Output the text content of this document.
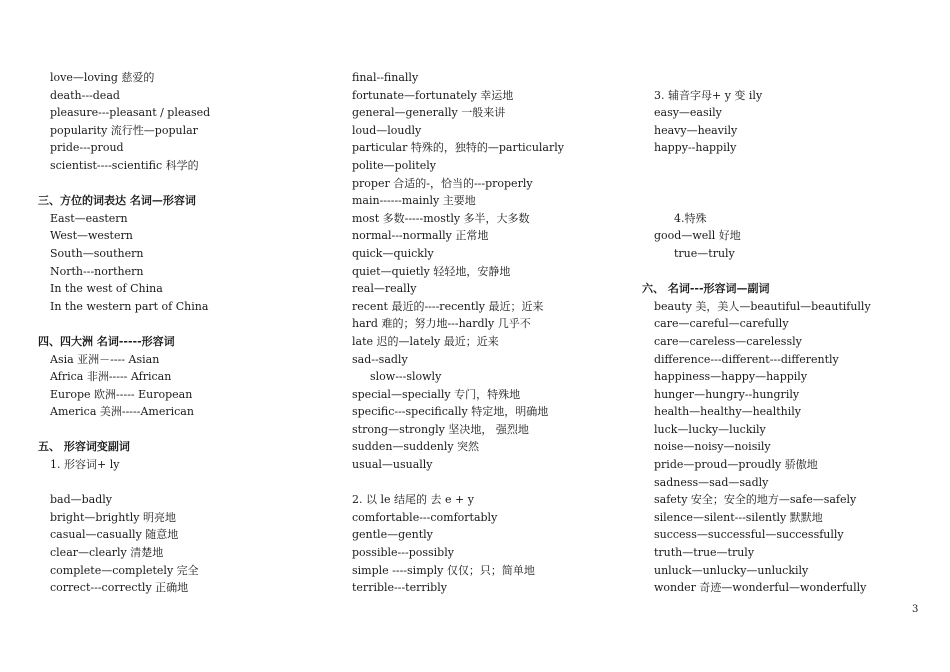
love—loving 慈爱的
death---dead
pleasure---pleasant / pleased
popularity 流行性—popular
pride---proud
scientist----scientific 科学的
三、方位的词表达 名词—形容词
East—eastern
West—western
South—southern
North---northern
In the west of China
In the western part of China
四、四大洲 名词-----形容词
Asia 亚洲－---- Asian
Africa 非洲----- African
Europe 欧洲----- European
America 美洲-----American
五、 形容词变副词
1. 形容词+ ly
bad—badly
bright—brightly 明亮地
casual—casually 随意地
clear—clearly 清楚地
complete—completely 完全
correct---correctly 正确地
final--finally
fortunate—fortunately 幸运地
general—generally 一般来讲
loud—loudly
particular 特殊的，独特的—particularly
polite—politely
proper 合适的-，恰当的---properly
main------mainly 主要地
most 多数-----mostly 多半，大多数
normal---normally 正常地
quick—quickly
quiet—quietly 轻轻地，安静地
real—really
recent 最近的----recently 最近；近来
hard 难的；努力地---hardly 几乎不
late 迟的—lately 最近；近来
sad--sadly
slow---slowly
special—specially 专门，特殊地
specific---specifically 特定地，明确地
strong—strongly 坚决地， 强烈地
sudden—suddenly 突然
usual—usually
2. 以 le 结尾的 去 e + y
comfortable---comfortably
gentle—gently
possible---possibly
simple ----simply 仅仅；只；简单地
terrible---terribly
3. 辅音字母+ y 变 ily
easy—easily
heavy—heavily
happy--happily
4.特殊
good—well 好地
true—truly
六、 名词---形容词—副词
beauty 美，美人—beautiful—beautifully
care—careful—carefully
care—careless—carelessly
difference---different---differently
happiness—happy—happily
hunger—hungry--hungrily
health—healthy—healthily
luck—lucky—luckily
noise—noisy—noisily
pride—proud—proudly 骄傲地
sadness—sad—sadly
safety 安全；安全的地方—safe—safely
silence—silent---silently 默默地
success—successful—successfully
truth—true—truly
unluck—unlucky—unluckily
wonder 奇迹—wonderful—wonderfully
3
